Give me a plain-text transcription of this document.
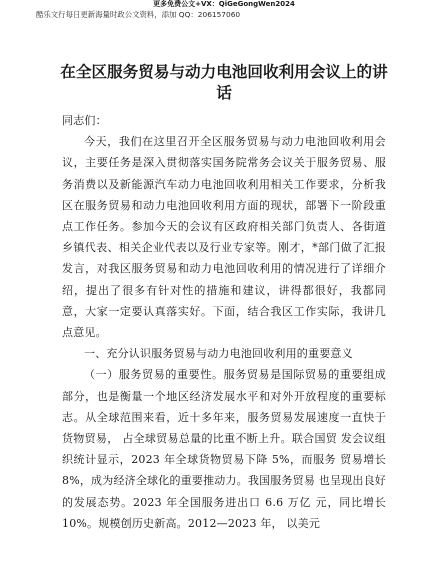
更多免费公文+VX：QiGeGongWen2024
酷乐文行每日更新海量时政公文资料，添加 QQ：206157060
在全区服务贸易与动力电池回收利用会议上的讲话

同志们：

今天，我们在这里召开全区服务贸易与动力电池回收利用会议，主要任务是深入贯彻落实国务院常务会议关于服务贸易、服务消费以及新能源汽车动力电池回收利用相关工作要求，分析我区在服务贸易和动力电池回收利用方面的现状，部署下一阶段重点工作任务。参加今天的会议有区政府相关部门负责人、各街道乡镇代表、相关企业代表以及行业专家等。刚才，*部门做了汇报发言，对我区服务贸易和动力电池回收利用的情况进行了详细介绍，提出了很多有针对性的措施和建议，讲得都很好，我都同意，大家一定要认真落实好。下面，结合我区工作实际，我讲几点意见。

一、充分认识服务贸易与动力电池回收利用的重要意义

（一）服务贸易的重要性。服务贸易是国际贸易的重要组成部分，也是衡量一个地区经济发展水平和对外开放程度的重要标志。从全球范围来看，近十多年来，服务贸易发展速度一直快于货物贸易， 占全球贸易总量的比重不断上升。联合国贸 发会议组织统计显示，2023 年全球货物贸易下降 5%，而服务 贸易增长 8%，成为经济全球化的重要推动力。我国服务贸易 也呈现出良好的发展态势。2023 年全国服务进出口 6.6 万亿 元，同比增长 10%。规模创历史新高。2012—2023 年， 以美元
